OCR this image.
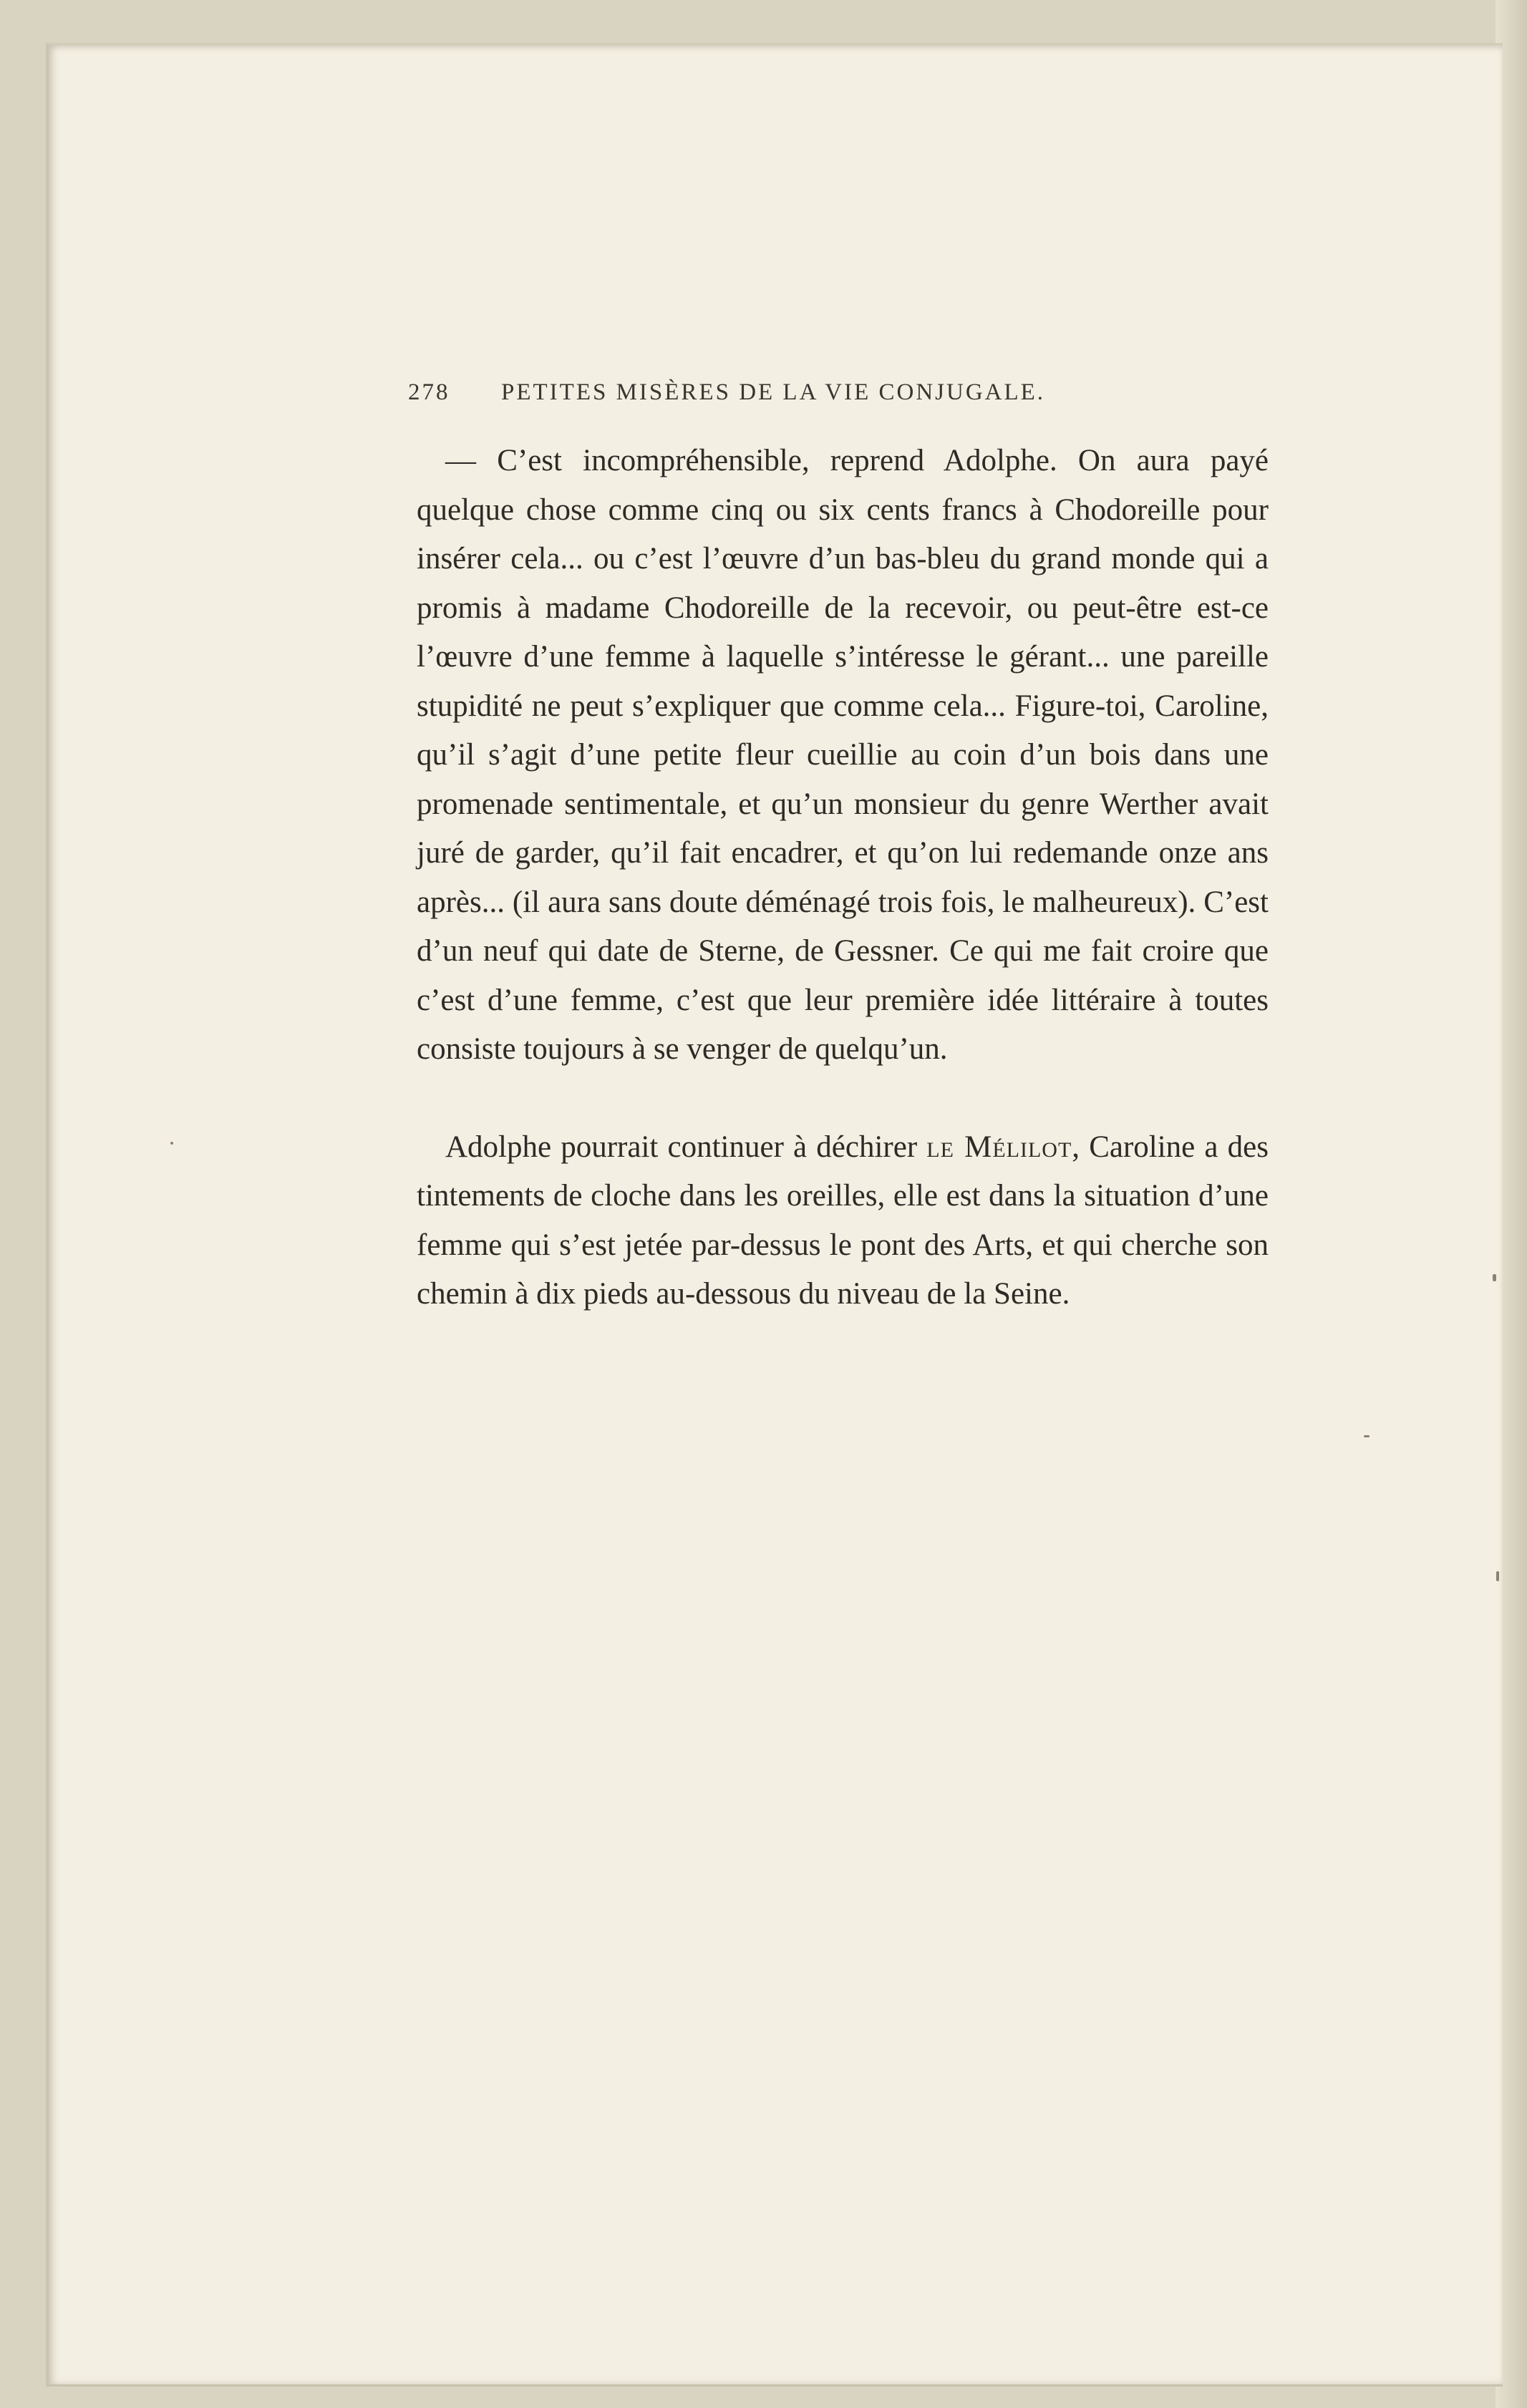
278 PETITES MISÈRES DE LA VIE CONJUGALE.

— C’est incompréhensible, reprend Adolphe. On aura payé quelque chose comme cinq ou six cents francs à Chodoreille pour insérer cela... ou c’est l’œuvre d’un bas-bleu du grand monde qui a promis à madame Chodoreille de la recevoir, ou peut-être est-ce l’œuvre d’une femme à laquelle s’intéresse le gérant... une pareille stupidité ne peut s’expliquer que comme cela... Figure-toi, Caroline, qu’il s’agit d’une petite fleur cueillie au coin d’un bois dans une promenade sentimentale, et qu’un monsieur du genre Werther avait juré de garder, qu’il fait encadrer, et qu’on lui redemande onze ans après... (il aura sans doute déménagé trois fois, le malheureux). C’est d’un neuf qui date de Sterne, de Gessner. Ce qui me fait croire que c’est d’une femme, c’est que leur première idée littéraire à toutes consiste toujours à se venger de quelqu’un.

Adolphe pourrait continuer à déchirer le Mélilot, Caroline a des tintements de cloche dans les oreilles, elle est dans la situation d’une femme qui s’est jetée par-dessus le pont des Arts, et qui cherche son chemin à dix pieds au-dessous du niveau de la Seine.
